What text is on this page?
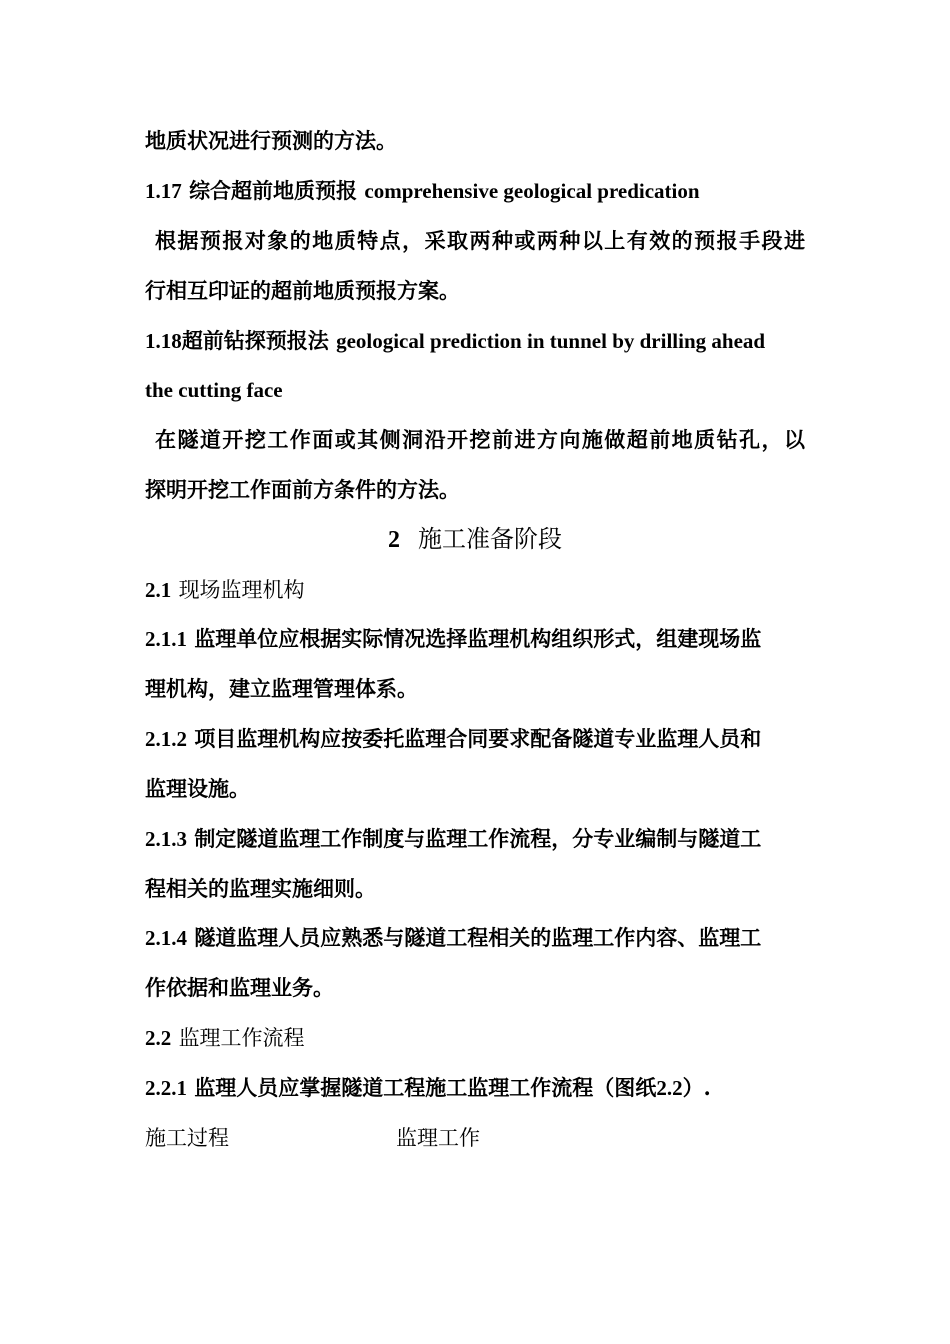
地质状况进行预测的方法。
1.17 综合超前地质预报 comprehensive geological predication
根据预报对象的地质特点，采取两种或两种以上有效的预报手段进
行相互印证的超前地质预报方案。
1.18超前钻探预报法 geological prediction in tunnel by drilling ahead
the cutting face
在隧道开挖工作面或其侧洞沿开挖前进方向施做超前地质钻孔，以
探明开挖工作面前方条件的方法。
2 施工准备阶段
2.1 现场监理机构
2.1.1 监理单位应根据实际情况选择监理机构组织形式，组建现场监
理机构，建立监理管理体系。
2.1.2 项目监理机构应按委托监理合同要求配备隧道专业监理人员和
监理设施。
2.1.3 制定隧道监理工作制度与监理工作流程，分专业编制与隧道工
程相关的监理实施细则。
2.1.4 隧道监理人员应熟悉与隧道工程相关的监理工作内容、监理工
作依据和监理业务。
2.2 监理工作流程
2.2.1 监理人员应掌握隧道工程施工监理工作流程（图纸2.2）.
施工过程	监理工作
